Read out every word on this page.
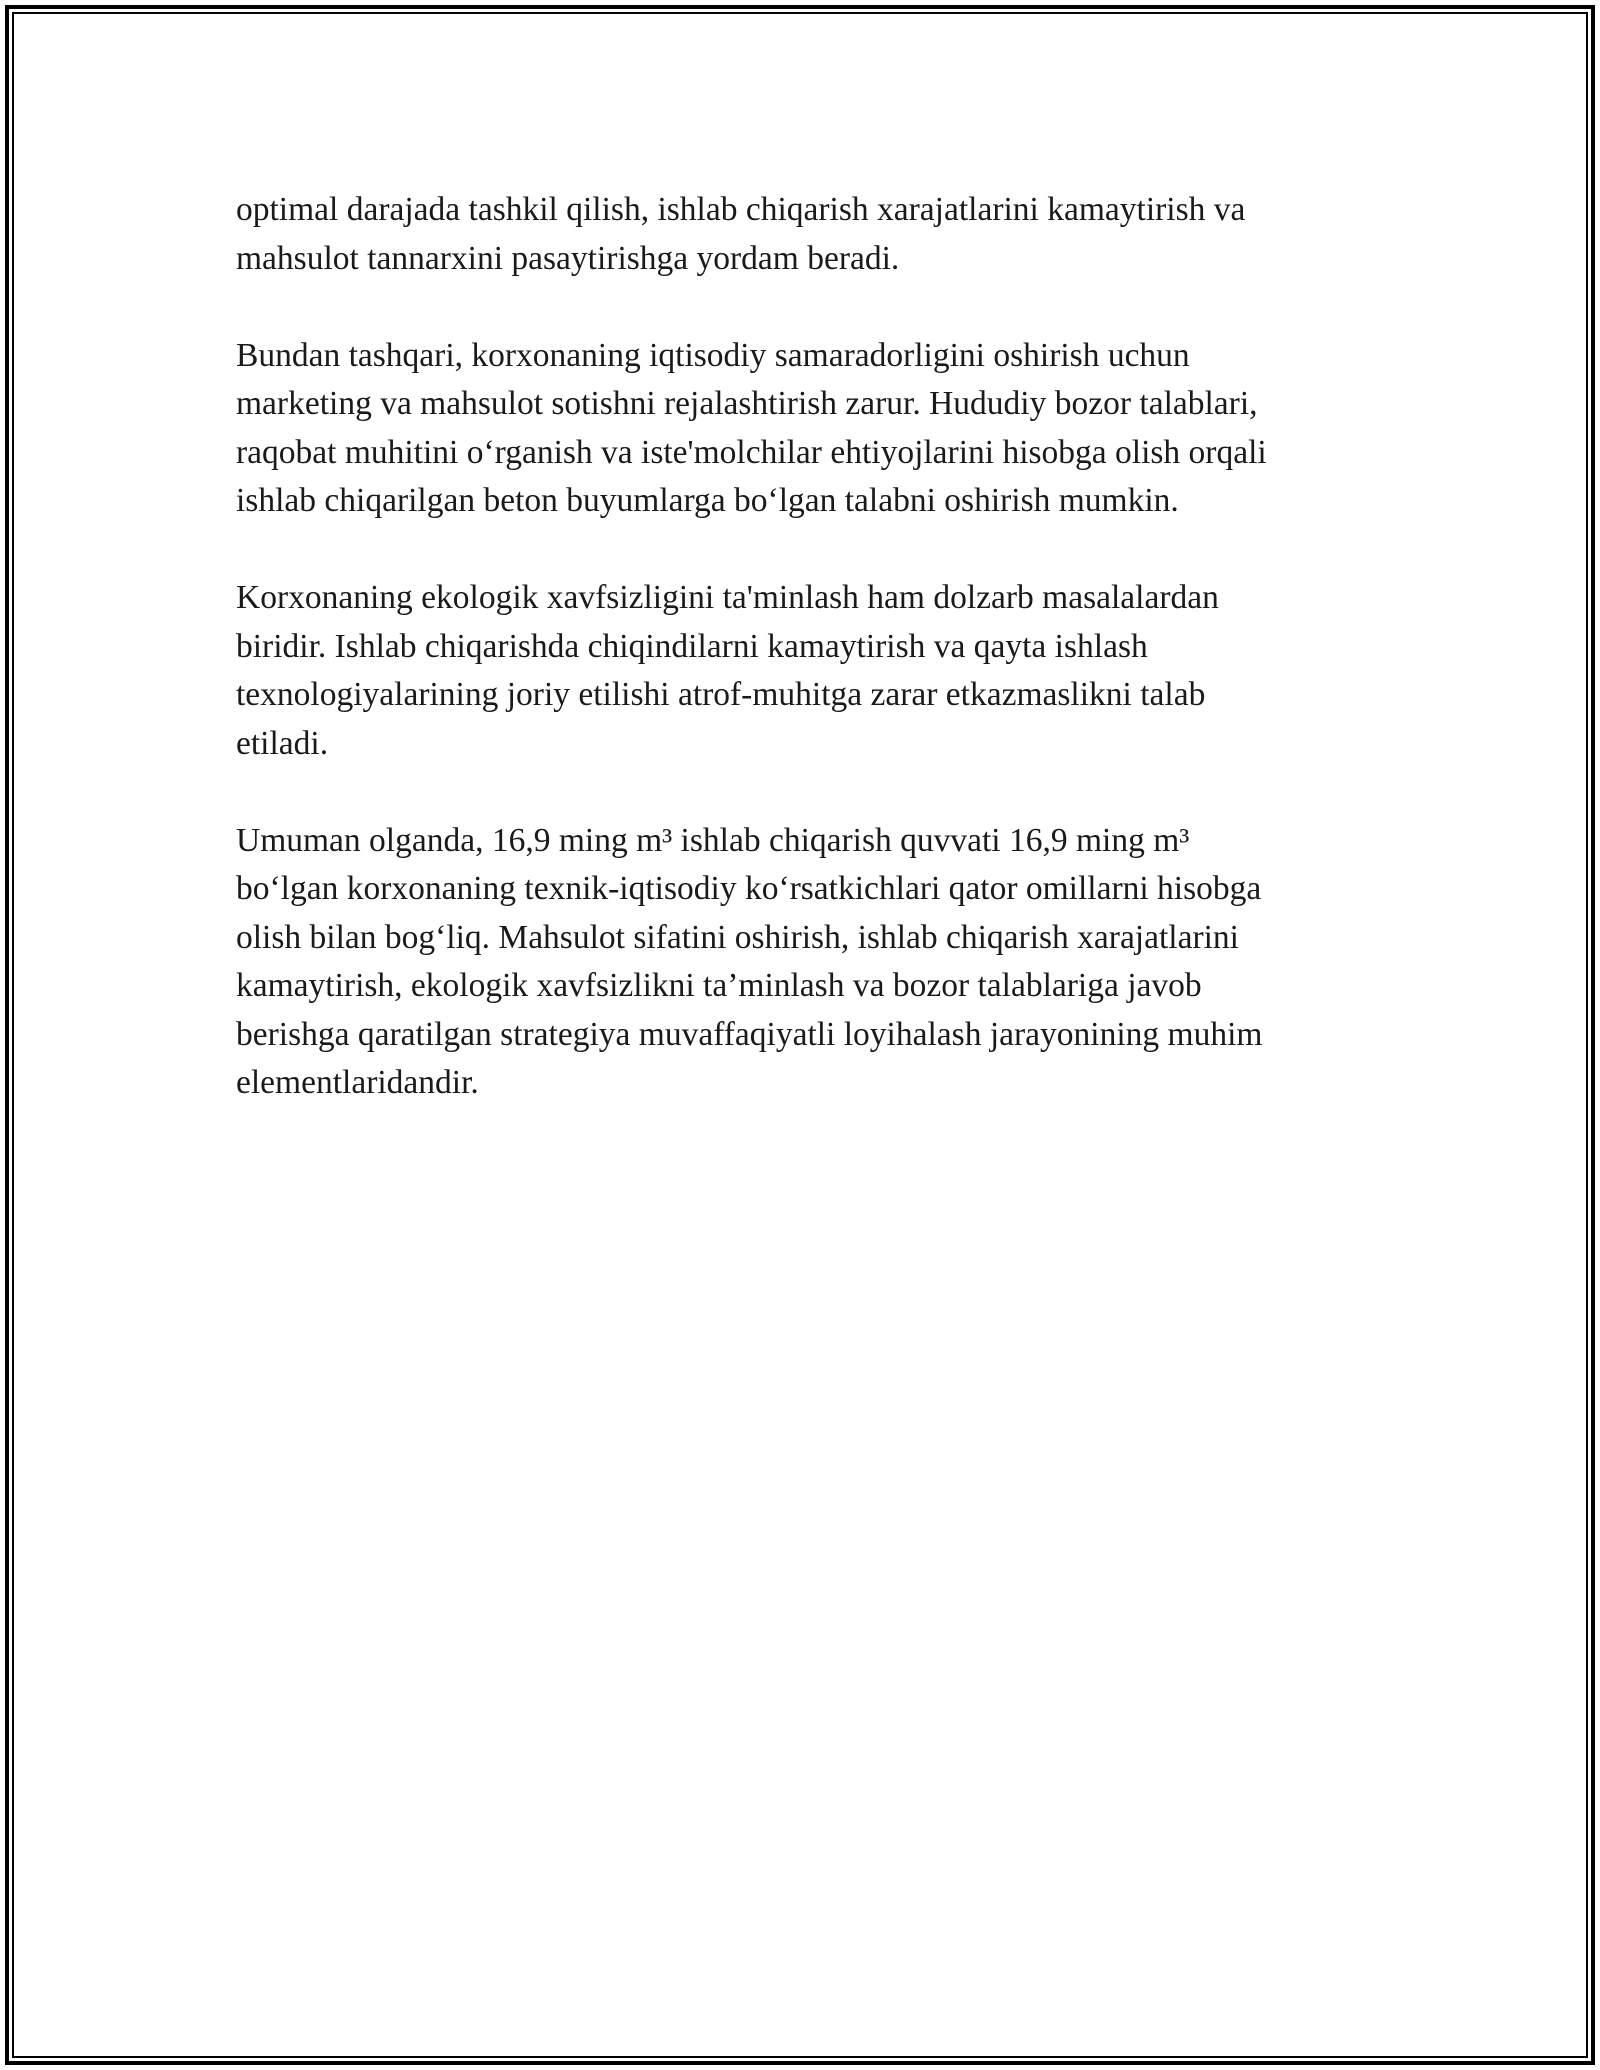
optimal darajada tashkil qilish, ishlab chiqarish xarajatlarini kamaytirish va
mahsulot tannarxini pasaytirishga yordam beradi.

Bundan tashqari, korxonaning iqtisodiy samaradorligini oshirish uchun
marketing va mahsulot sotishni rejalashtirish zarur. Hududiy bozor talablari,
raqobat muhitini o‘rganish va iste'molchilar ehtiyojlarini hisobga olish orqali
ishlab chiqarilgan beton buyumlarga bo‘lgan talabni oshirish mumkin.

Korxonaning ekologik xavfsizligini ta'minlash ham dolzarb masalalardan
biridir. Ishlab chiqarishda chiqindilarni kamaytirish va qayta ishlash
texnologiyalarining joriy etilishi atrof-muhitga zarar etkazmaslikni talab
etiladi.

Umuman olganda, 16,9 ming m³ ishlab chiqarish quvvati 16,9 ming m³
bo‘lgan korxonaning texnik-iqtisodiy ko‘rsatkichlari qator omillarni hisobga
olish bilan bog‘liq. Mahsulot sifatini oshirish, ishlab chiqarish xarajatlarini
kamaytirish, ekologik xavfsizlikni ta’minlash va bozor talablariga javob
berishga qaratilgan strategiya muvaffaqiyatli loyihalash jarayonining muhim
elementlaridandir.
